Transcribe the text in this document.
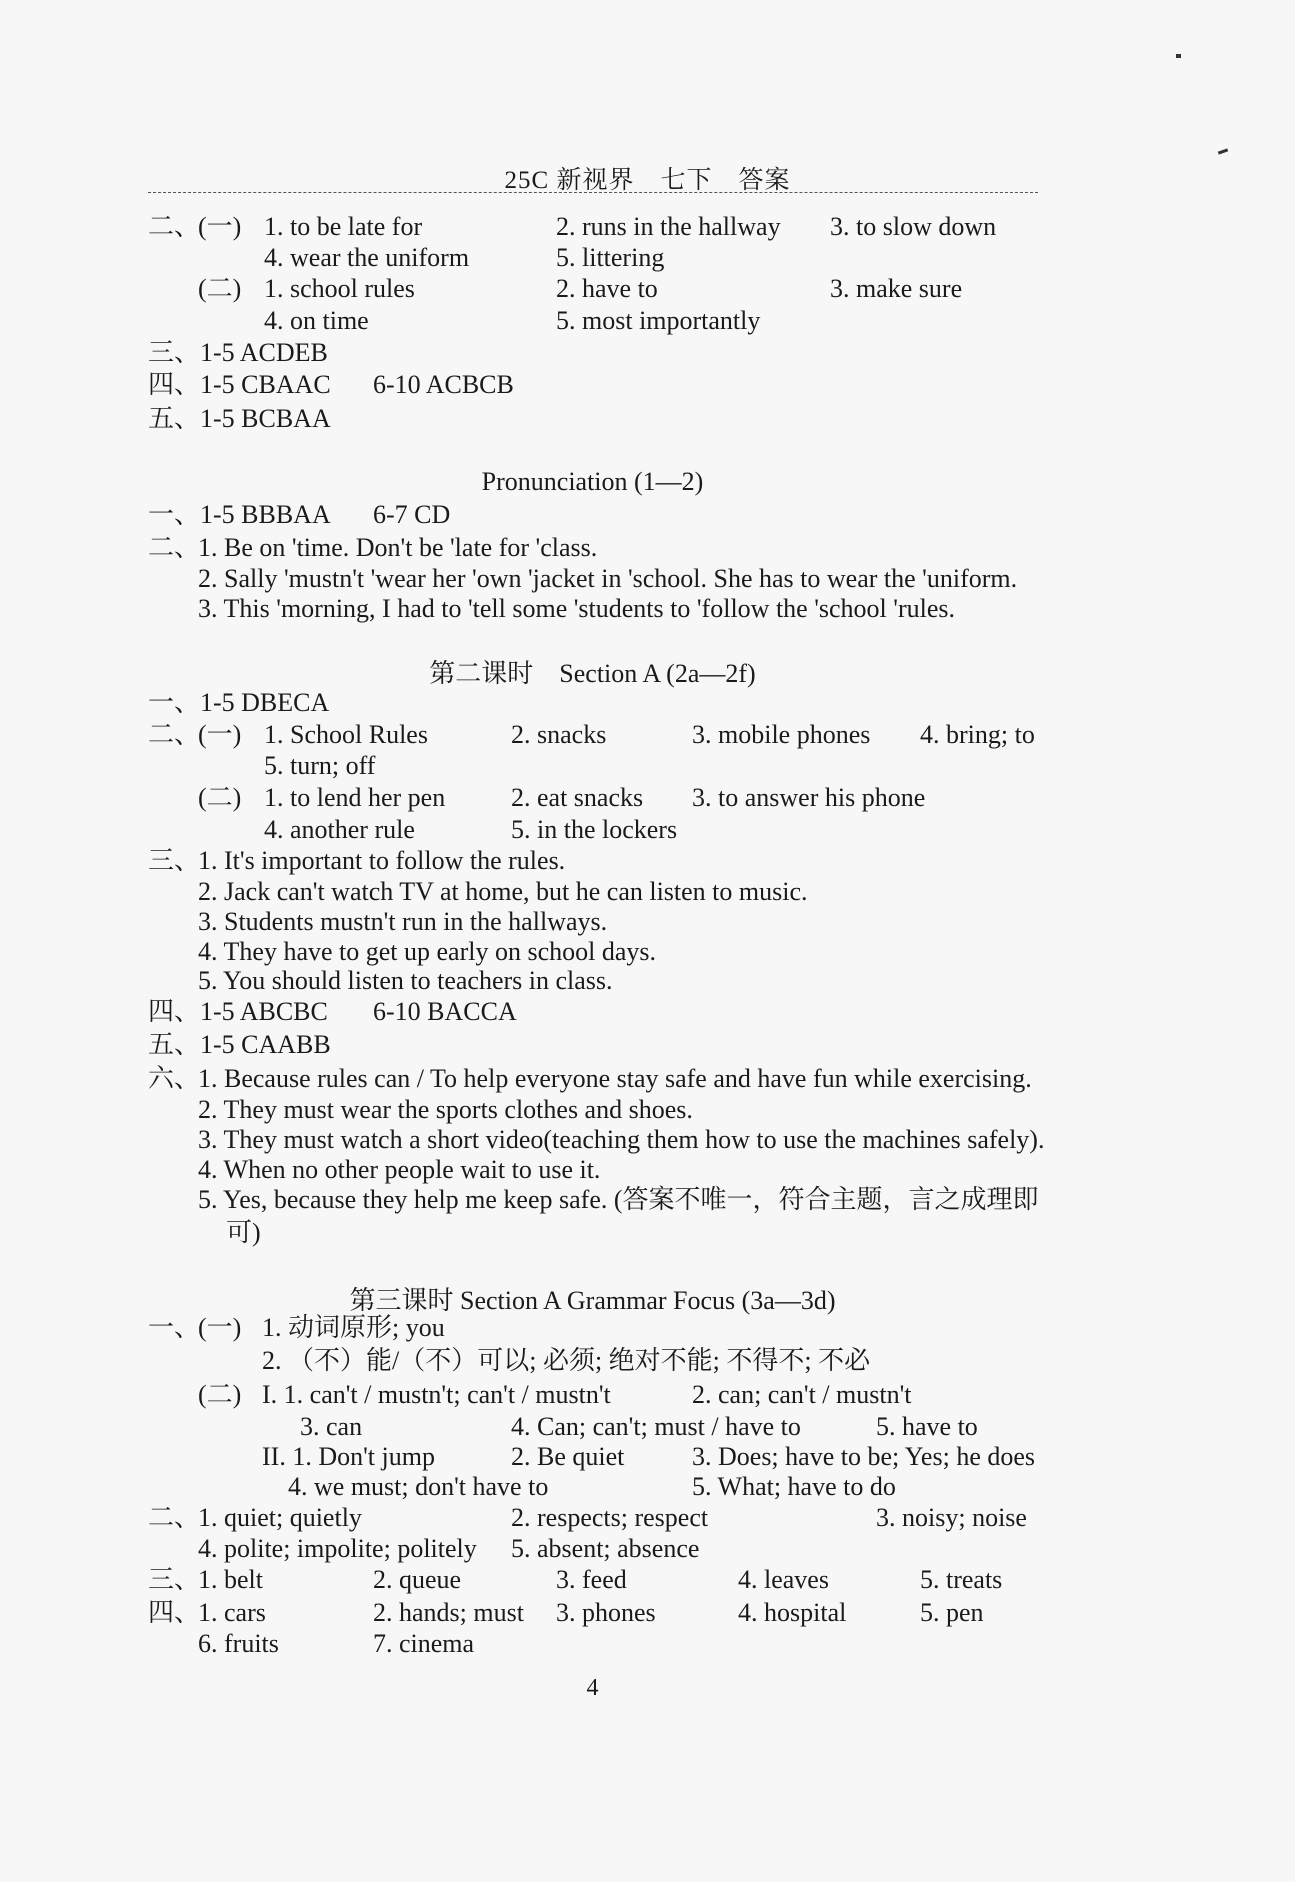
25C 新视界　七下　答案
二、
(一) 1. to be late for	2. runs in the hallway 3. to slow down
4. wear the uniform	5. littering
(二) 1. school rules	2. have to	3. make sure
4. on time	5. most importantly
三、 1-5 ACDEB
四、 1-5 CBAAC 6-10 ACBCB
五、 1-5 BCBAA
Pronunciation (1—2)
一、 1-5 BBBAA 6-7 CD
二、
1. Be on 'time. Don't be 'late for 'class.
2. Sally 'mustn't 'wear her 'own 'jacket in 'school. She has to wear the 'uniform.
3. This 'morning, I had to 'tell some 'students to 'follow the 'school 'rules.
第二课时　Section A (2a—2f)
一、 1-5 DBECA
二、
(一) 1. School Rules	2. snacks	3. mobile phones 4. bring; to
5. turn; off
(二) 1. to lend her pen	2. eat snacks 3. to answer his phone
4. another rule	5. in the lockers
三、
1. It's important to follow the rules.
2. Jack can't watch TV at home, but he can listen to music.
3. Students mustn't run in the hallways.
4. They have to get up early on school days.
5. You should listen to teachers in class.
四、 1-5 ABCBC 6-10 BACCA
五、 1-5 CAABB
六、
1. Because rules can / To help everyone stay safe and have fun while exercising.
2. They must wear the sports clothes and shoes.
3. They must watch a short video(teaching them how to use the machines safely).
4. When no other people wait to use it.
5. Yes, because they help me keep safe. (答案不唯一，符合主题，言之成理即
可)
第三课时 Section A Grammar Focus (3a—3d)
一、
(一) 1. 动词原形; you
2. （不）能/（不）可以; 必须; 绝对不能; 不得不; 不必
(二) I. 1. can't / mustn't; can't / mustn't	2. can; can't / mustn't
3. can	4. Can; can't; must / have to	5. have to
II. 1. Don't jump	2. Be quiet	3. Does; have to be; Yes; he does
4. we must; don't have to	5. What; have to do
二、
1. quiet; quietly	2. respects; respect	3. noisy; noise
4. polite; impolite; politely 5. absent; absence
三、
1. belt	2. queue	3. feed	4. leaves	5. treats
四、
1. cars	2. hands; must 3. phones	4. hospital	5. pen
6. fruits	7. cinema
4
